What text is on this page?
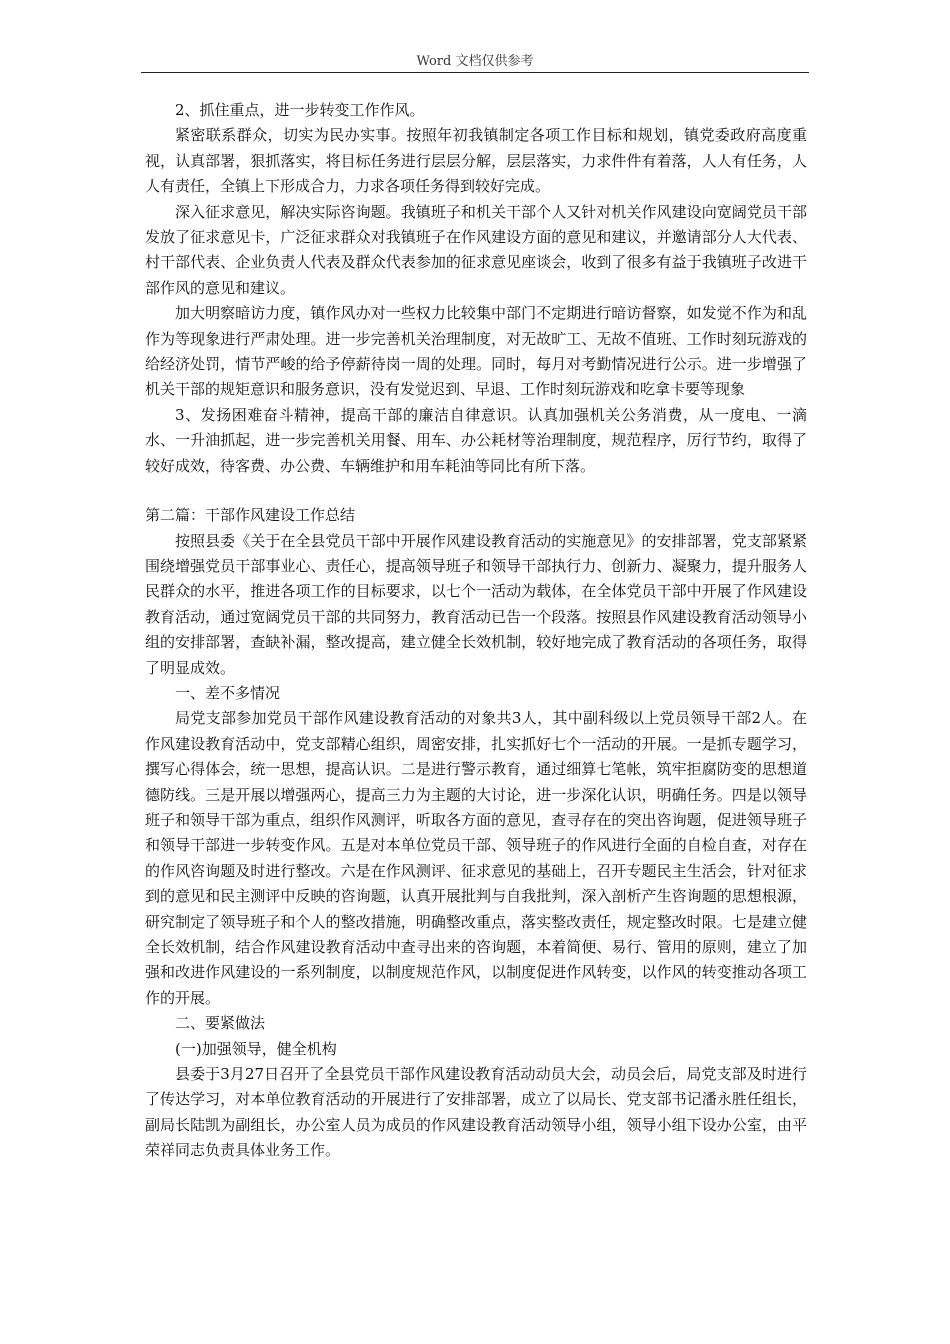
Word 文档仅供参考

2、抓住重点，进一步转变工作作风。

紧密联系群众，切实为民办实事。按照年初我镇制定各项工作目标和规划，镇党委政府高度重视，认真部署，狠抓落实，将目标任务进行层层分解，层层落实，力求件件有着落，人人有任务，人人有责任，全镇上下形成合力，力求各项任务得到较好完成。

深入征求意见，解决实际咨询题。我镇班子和机关干部个人又针对机关作风建设向宽阔党员干部发放了征求意见卡，广泛征求群众对我镇班子在作风建设方面的意见和建议，并邀请部分人大代表、村干部代表、企业负责人代表及群众代表参加的征求意见座谈会，收到了很多有益于我镇班子改进干部作风的意见和建议。

加大明察暗访力度，镇作风办对一些权力比较集中部门不定期进行暗访督察，如发觉不作为和乱作为等现象进行严肃处理。进一步完善机关治理制度，对无故旷工、无故不值班、工作时刻玩游戏的给经济处罚，情节严峻的给予停薪待岗一周的处理。同时，每月对考勤情况进行公示。进一步增强了机关干部的规矩意识和服务意识，没有发觉迟到、早退、工作时刻玩游戏和吃拿卡要等现象

3、发扬困难奋斗精神，提高干部的廉洁自律意识。认真加强机关公务消费，从一度电、一滴水、一升油抓起，进一步完善机关用餐、用车、办公耗材等治理制度，规范程序，厉行节约，取得了较好成效，待客费、办公费、车辆维护和用车耗油等同比有所下落。

第二篇：干部作风建设工作总结

按照县委《关于在全县党员干部中开展作风建设教育活动的实施意见》的安排部署，党支部紧紧围绕增强党员干部事业心、责任心，提高领导班子和领导干部执行力、创新力、凝聚力，提升服务人民群众的水平，推进各项工作的目标要求，以七个一活动为载体，在全体党员干部中开展了作风建设教育活动，通过宽阔党员干部的共同努力，教育活动已告一个段落。按照县作风建设教育活动领导小组的安排部署，查缺补漏，整改提高，建立健全长效机制，较好地完成了教育活动的各项任务，取得了明显成效。

一、差不多情况

局党支部参加党员干部作风建设教育活动的对象共3人，其中副科级以上党员领导干部2人。在作风建设教育活动中，党支部精心组织，周密安排，扎实抓好七个一活动的开展。一是抓专题学习，撰写心得体会，统一思想，提高认识。二是进行警示教育，通过细算七笔帐，筑牢拒腐防变的思想道德防线。三是开展以增强两心，提高三力为主题的大讨论，进一步深化认识，明确任务。四是以领导班子和领导干部为重点，组织作风测评，听取各方面的意见，查寻存在的突出咨询题，促进领导班子和领导干部进一步转变作风。五是对本单位党员干部、领导班子的作风进行全面的自检自查，对存在的作风咨询题及时进行整改。六是在作风测评、征求意见的基础上，召开专题民主生活会，针对征求到的意见和民主测评中反映的咨询题，认真开展批判与自我批判，深入剖析产生咨询题的思想根源，研究制定了领导班子和个人的整改措施，明确整改重点，落实整改责任，规定整改时限。七是建立健全长效机制，结合作风建设教育活动中查寻出来的咨询题，本着简便、易行、管用的原则，建立了加强和改进作风建设的一系列制度，以制度规范作风，以制度促进作风转变，以作风的转变推动各项工作的开展。

二、要紧做法

(一)加强领导，健全机构

县委于3月27日召开了全县党员干部作风建设教育活动动员大会，动员会后，局党支部及时进行了传达学习，对本单位教育活动的开展进行了安排部署，成立了以局长、党支部书记潘永胜任组长，副局长陆凯为副组长，办公室人员为成员的作风建设教育活动领导小组，领导小组下设办公室，由平荣祥同志负责具体业务工作。
